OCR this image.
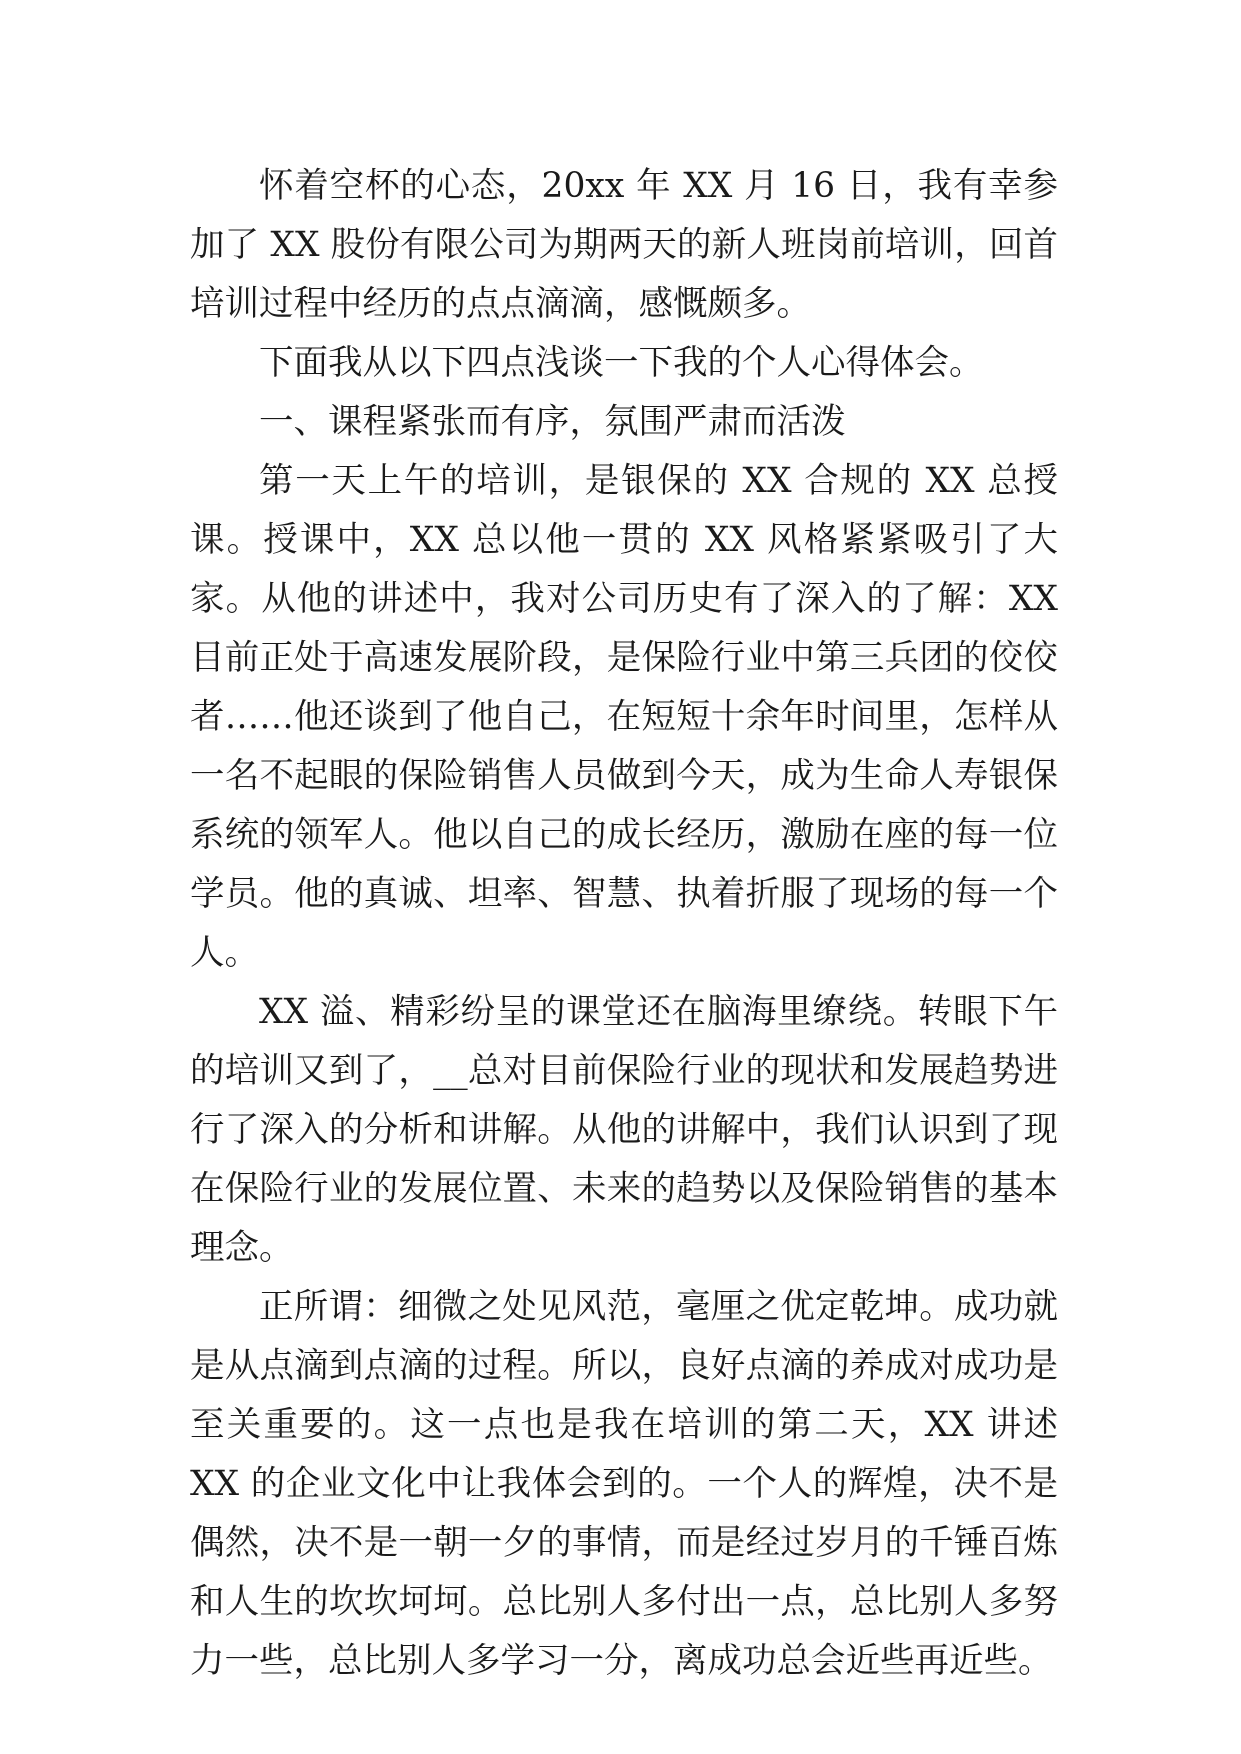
怀着空杯的心态，20xx 年 XX 月 16 日，我有幸参加了 XX 股份有限公司为期两天的新人班岗前培训，回首培训过程中经历的点点滴滴，感慨颇多。

下面我从以下四点浅谈一下我的个人心得体会。

一、课程紧张而有序，氛围严肃而活泼

第一天上午的培训，是银保的 XX 合规的 XX 总授课。授课中，XX 总以他一贯的 XX 风格紧紧吸引了大家。从他的讲述中，我对公司历史有了深入的了解：XX 目前正处于高速发展阶段，是保险行业中第三兵团的佼佼者……他还谈到了他自己，在短短十余年时间里，怎样从一名不起眼的保险销售人员做到今天，成为生命人寿银保系统的领军人。他以自己的成长经历，激励在座的每一位学员。他的真诚、坦率、智慧、执着折服了现场的每一个人。

XX 溢、精彩纷呈的课堂还在脑海里缭绕。转眼下午的培训又到了，__总对目前保险行业的现状和发展趋势进行了深入的分析和讲解。从他的讲解中，我们认识到了现在保险行业的发展位置、未来的趋势以及保险销售的基本理念。

正所谓：细微之处见风范，毫厘之优定乾坤。成功就是从点滴到点滴的过程。所以，良好点滴的养成对成功是至关重要的。这一点也是我在培训的第二天，XX 讲述 XX 的企业文化中让我体会到的。一个人的辉煌，决不是偶然，决不是一朝一夕的事情，而是经过岁月的千锤百炼和人生的坎坎坷坷。总比别人多付出一点，总比别人多努力一些，总比别人多学习一分，离成功总会近些再近些。
